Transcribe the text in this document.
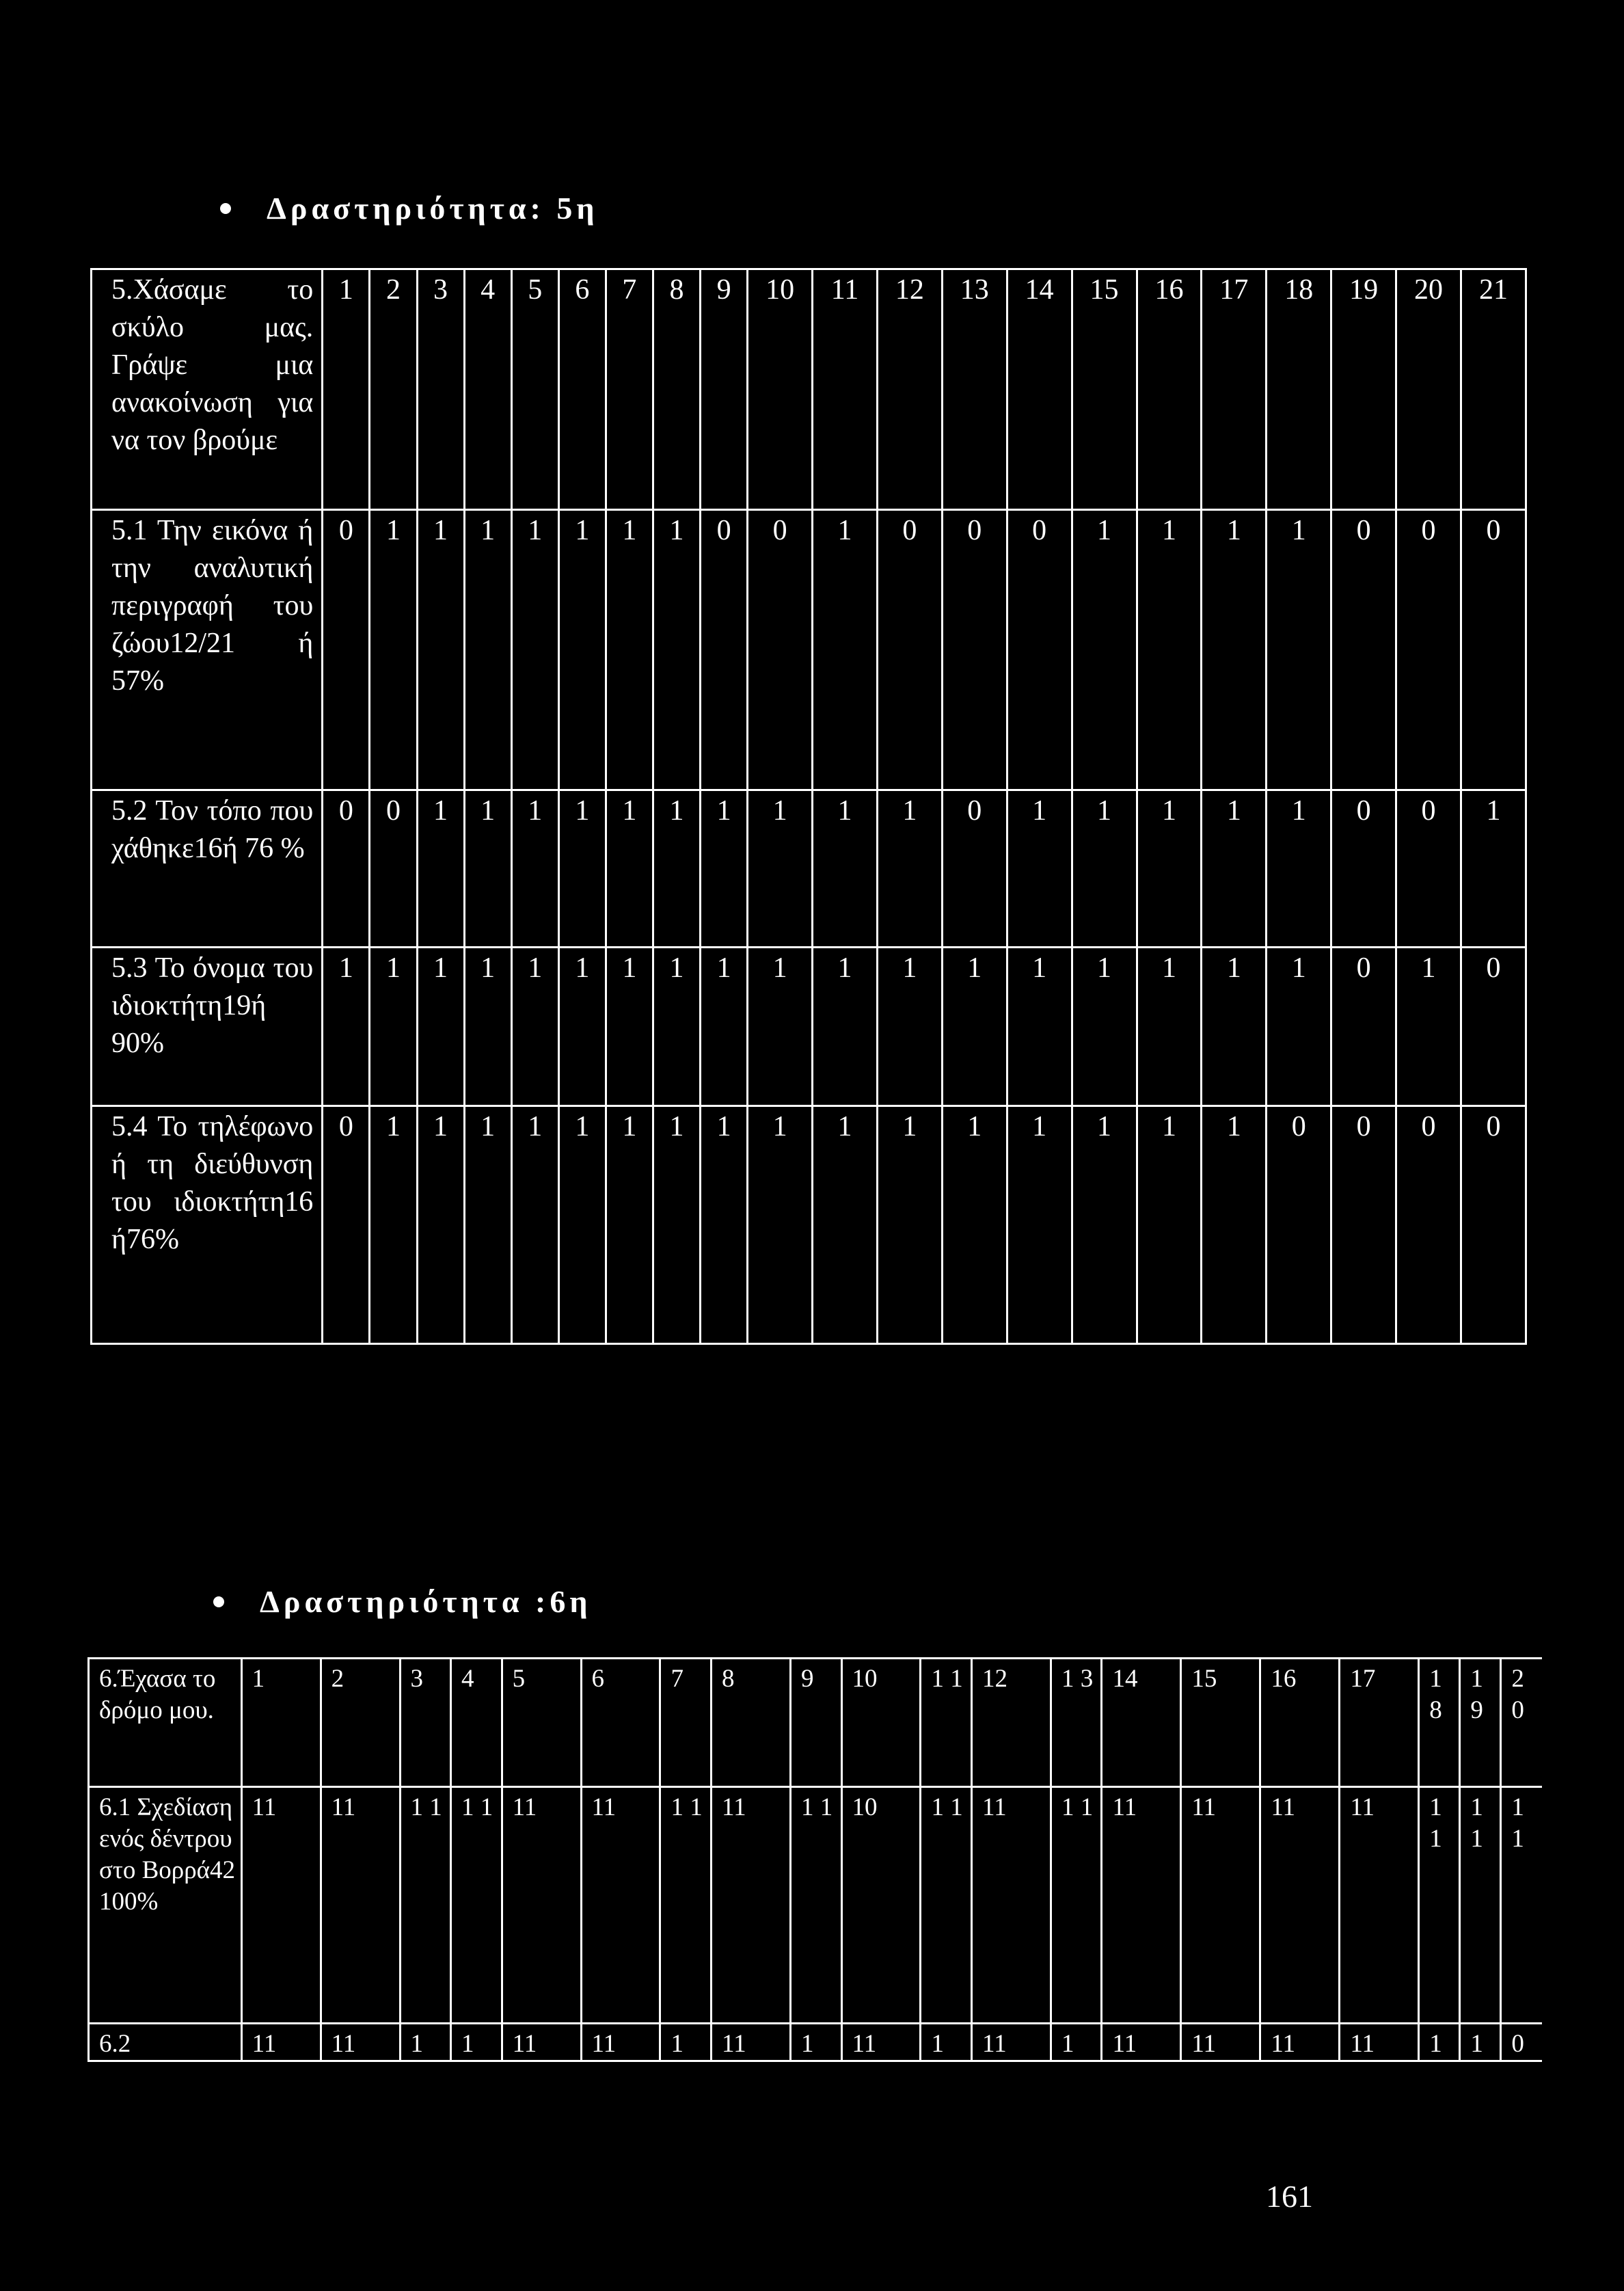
Δραστηριότητα: 5η
5.Χάσαμε το σκύλο μας. Γράψε μια ανακοίνωση για να τον βρούμε	1	2	3	4	5	6	7	8	9	10	11	12	13	14	15	16	17	18	19	20	21
5.1 Την εικόνα ή την αναλυτική περιγραφή του ζώου12/21 ή 57%	0	1	1	1	1	1	1	1	0	0	1	0	0	0	1	1	1	1	0	0	0
5.2 Τον τόπο που χάθηκε16ή 76 %	0	0	1	1	1	1	1	1	1	1	1	1	0	1	1	1	1	1	0	0	1
5.3 Το όνομα του ιδιοκτήτη19ή 90%	1	1	1	1	1	1	1	1	1	1	1	1	1	1	1	1	1	1	0	1	0
5.4 Το τηλέφωνο ή τη διεύθυνση του ιδιοκτήτη16 ή76%	0	1	1	1	1	1	1	1	1	1	1	1	1	1	1	1	1	0	0	0	0
Δραστηριότητα :6η
6.Έχασα το δρόμο μου.	1	2	3	4	5	6	7	8	9	10	1 1	12	1 3	14	15	16	17	1 8	1 9	2 0
6.1 Σχεδίαση ενός δέντρου στο Βορρά42 100%	11	11	1 1	1 1	11	11	1 1	11	1 1	10	1 1	11	1 1	11	11	11	11	1 1	1 1	1 1
6.2	11	11	1	1	11	11	1	11	1	11	1	11	1	11	11	11	11	1	1	0
161
